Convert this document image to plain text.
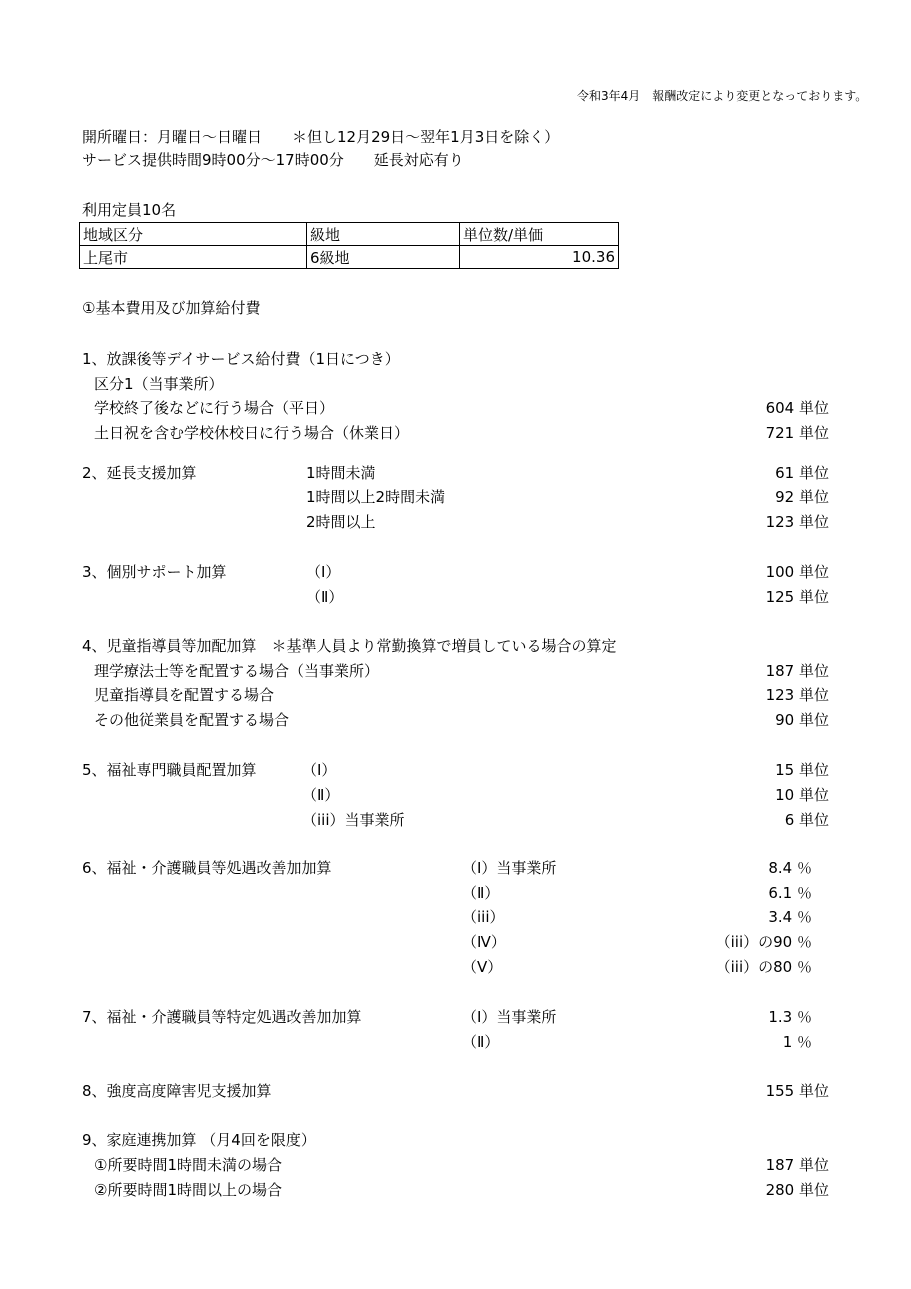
令和3年4月　報酬改定により変更となっております。
開所曜日：月曜日～日曜日　　＊但し12月29日～翌年1月3日を除く）
サービス提供時間9時00分～17時00分　　延長対応有り
利用定員10名
地域区分	級地	単位数/単価
上尾市	6級地	10.36
①基本費用及び加算給付費
1、放課後等デイサービス給付費（1日につき）
区分1（当事業所）
学校終了後などに行う場合（平日）	604 単位
土日祝を含む学校休校日に行う場合（休業日）	721 単位
2、延長支援加算	1時間未満	61 単位
1時間以上2時間未満	92 単位
2時間以上	123 単位
3、個別サポート加算	（Ⅰ）	100 単位
（Ⅱ）	125 単位
4、児童指導員等加配加算　＊基準人員より常勤換算で増員している場合の算定
理学療法士等を配置する場合（当事業所）	187 単位
児童指導員を配置する場合	123 単位
その他従業員を配置する場合	90 単位
5、福祉専門職員配置加算	（Ⅰ）	15 単位
（Ⅱ）	10 単位
（iii）当事業所	6 単位
6、福祉・介護職員等処遇改善加加算	（Ⅰ）当事業所	8.4 ％
（Ⅱ）	6.1 ％
（iii）	3.4 ％
（Ⅳ）	（iii）の90 ％
（Ⅴ）	（iii）の80 ％
7、福祉・介護職員等特定処遇改善加加算	（Ⅰ）当事業所	1.3 ％
（Ⅱ）	1 ％
8、強度高度障害児支援加算	155 単位
9、家庭連携加算 （月4回を限度）
①所要時間1時間未満の場合	187 単位
②所要時間1時間以上の場合	280 単位
